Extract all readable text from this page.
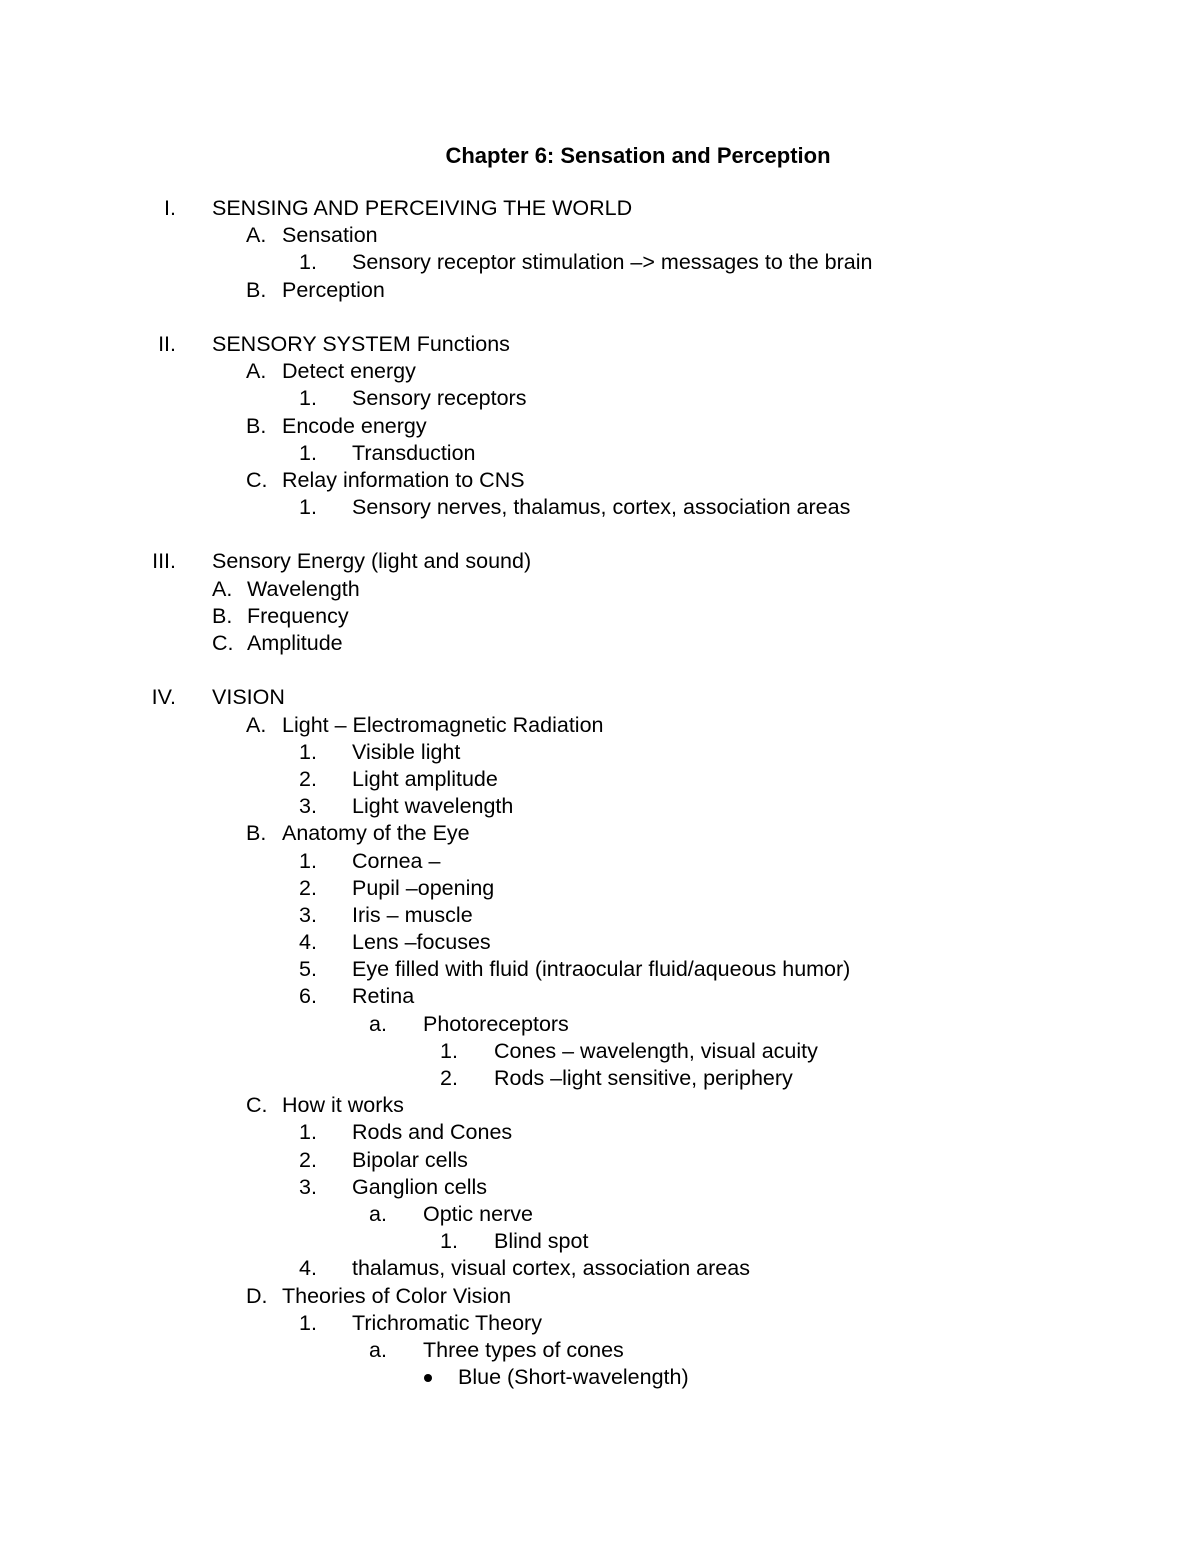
Chapter 6: Sensation and Perception
I. SENSING AND PERCEIVING THE WORLD
A. Sensation
1. Sensory receptor stimulation –> messages to the brain
B. Perception
II. SENSORY SYSTEM Functions
A. Detect energy
1. Sensory receptors
B. Encode energy
1. Transduction
C. Relay information to CNS
1. Sensory nerves, thalamus, cortex, association areas
III. Sensory Energy (light and sound)
A. Wavelength
B. Frequency
C. Amplitude
IV. VISION
A. Light – Electromagnetic Radiation
1. Visible light
2. Light amplitude
3. Light wavelength
B. Anatomy of the Eye
1. Cornea –
2. Pupil –opening
3. Iris – muscle
4. Lens –focuses
5. Eye filled with fluid (intraocular fluid/aqueous humor)
6. Retina
a. Photoreceptors
1. Cones – wavelength, visual acuity
2. Rods –light sensitive, periphery
C. How it works
1. Rods and Cones
2. Bipolar cells
3. Ganglion cells
a. Optic nerve
1. Blind spot
4. thalamus, visual cortex, association areas
D. Theories of Color Vision
1. Trichromatic Theory
a. Three types of cones
Blue (Short-wavelength)
